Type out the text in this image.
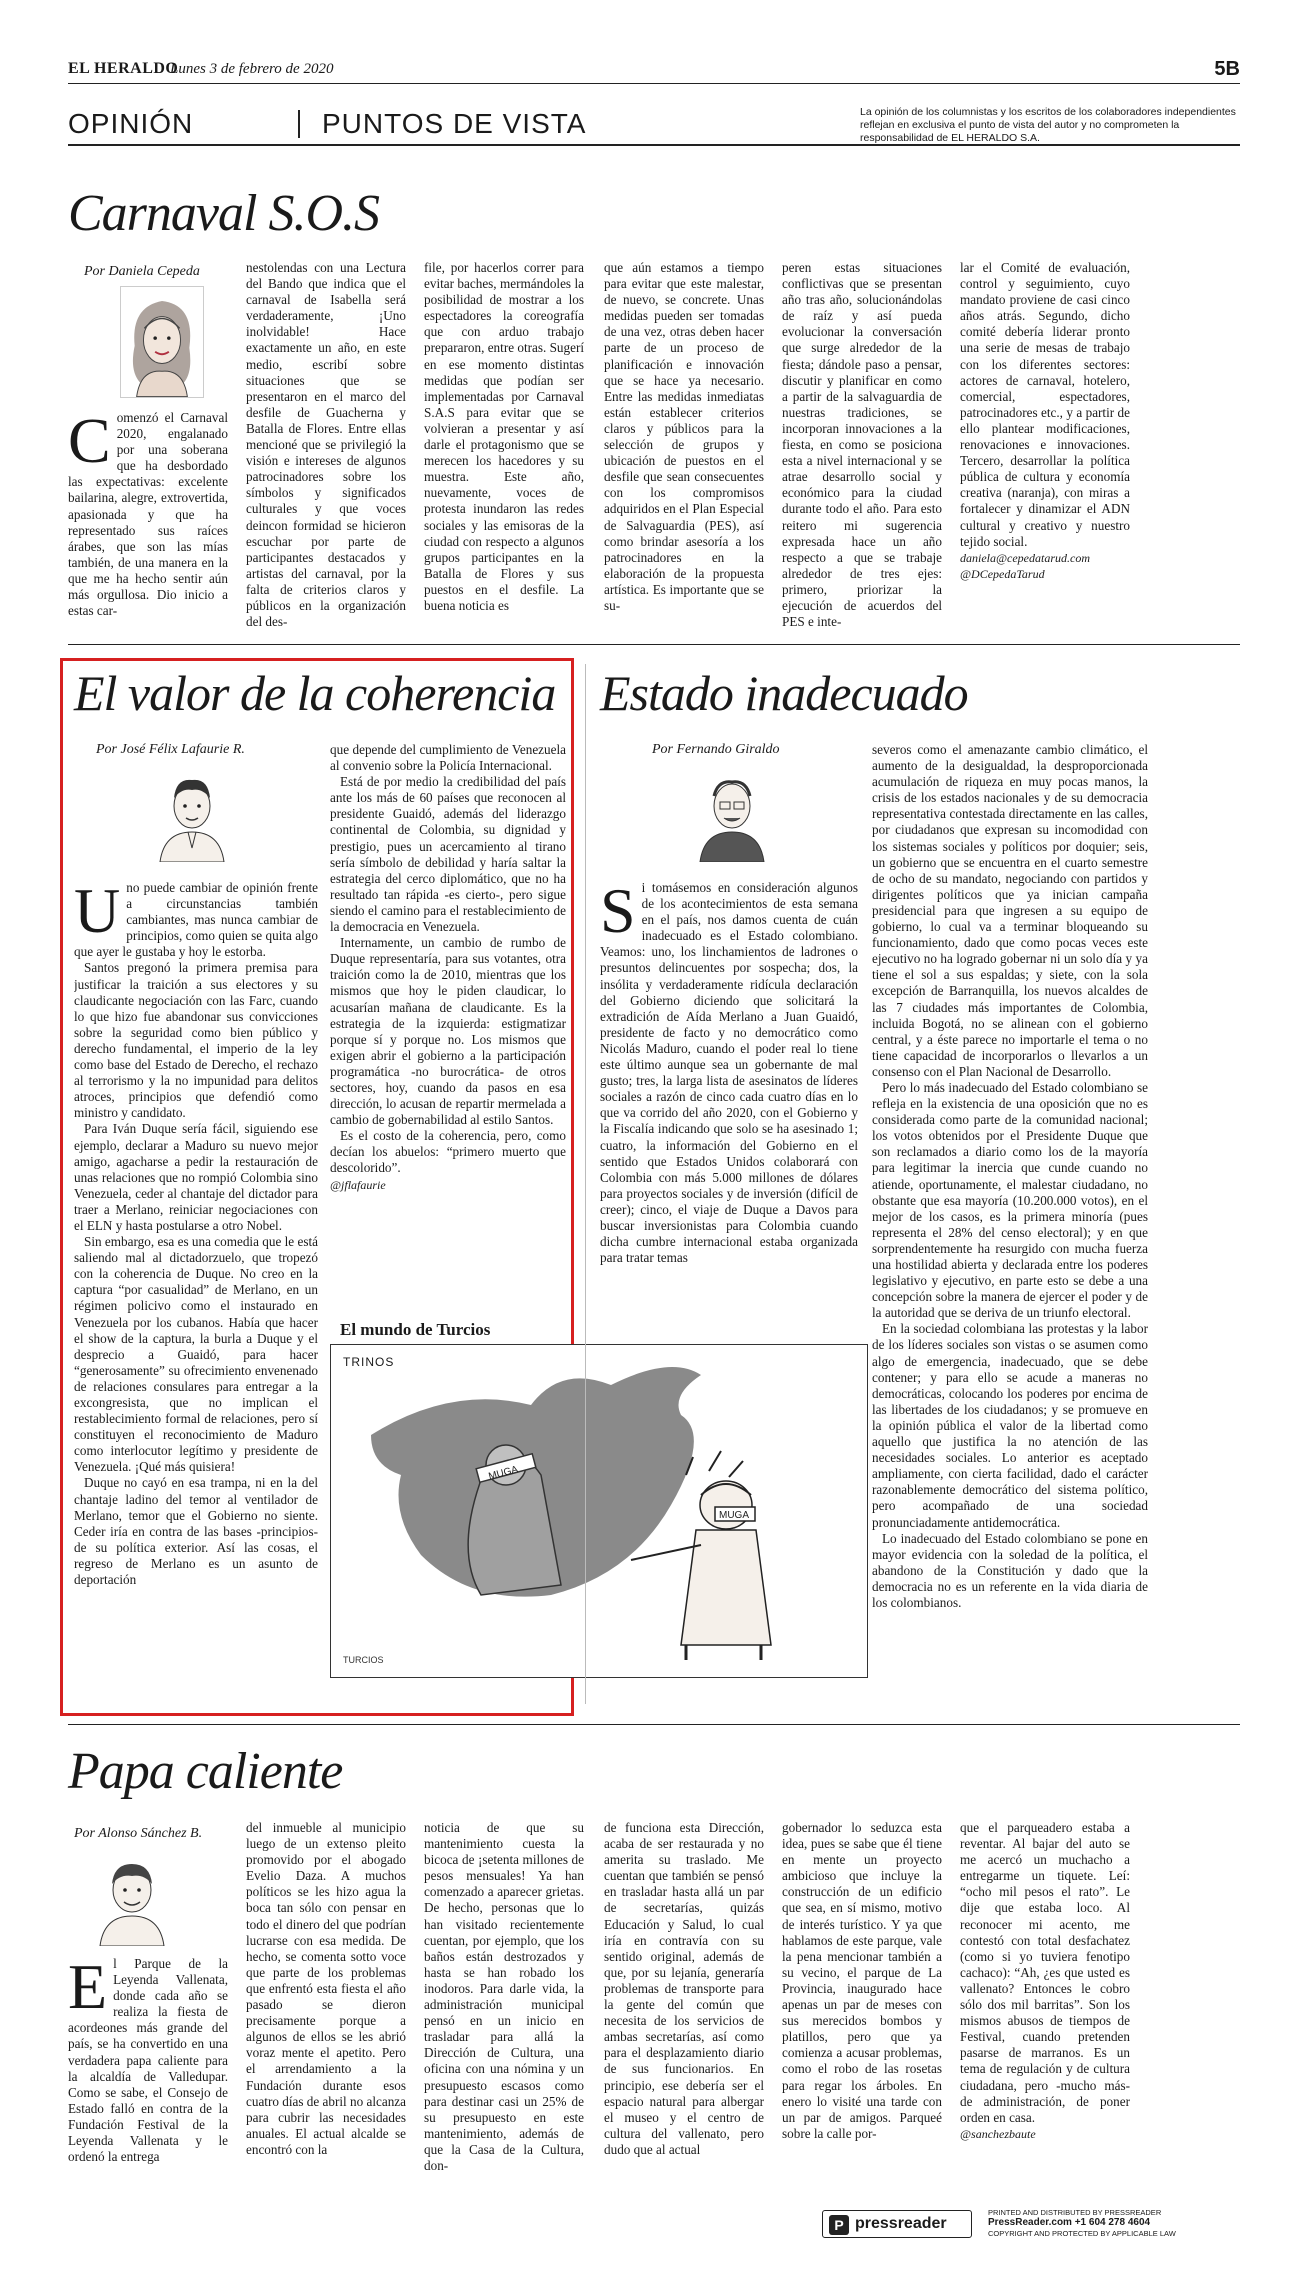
EL HERALDO
Lunes 3 de febrero de 2020	5B
OPINIÓN	PUNTOS DE VISTA	La opinión de los columnistas y los escritos de los colaboradores independientes reflejan en exclusiva el punto de vista del autor y no comprometen la responsabilidad de EL HERALDO S.A.
Carnaval S.O.S
Por Daniela Cepeda

Comenzó el Carnaval 2020, engalanado por una soberana que ha desbordado las expectativas: excelente bailarina, alegre, extrovertida, apasionada y que ha representado sus raíces árabes, que son las mías también, de una manera en la que me ha hecho sentir aún más orgullosa. Dio inicio a estas car-

nestolendas con una Lectura del Bando que indica que el carnaval de Isabella será verdaderamente, ¡Uno inolvidable! Hace exactamente un año, en este medio, escribí sobre situaciones que se presentaron en el marco del desfile de Guacherna y Batalla de Flores. Entre ellas mencioné que se privilegió la visión e intereses de algunos patrocinadores sobre los símbolos y significados culturales y que voces deincon formidad se hicieron escuchar por parte de participantes destacados y artistas del carnaval, por la falta de criterios claros y públicos en la organización del des-

file, por hacerlos correr para evitar baches, mermándoles la posibilidad de mostrar a los espectadores la coreografía que con arduo trabajo prepararon, entre otras. Sugerí en ese momento distintas medidas que podían ser implementadas por Carnaval S.A.S para evitar que se volvieran a presentar y así darle el protagonismo que se merecen los hacedores y su muestra. Este año, nuevamente, voces de protesta inundaron las redes sociales y las emisoras de la ciudad con respecto a algunos grupos participantes en la Batalla de Flores y sus puestos en el desfile. La buena noticia es

que aún estamos a tiempo para evitar que este malestar, de nuevo, se concrete. Unas medidas pueden ser tomadas de una vez, otras deben hacer parte de un proceso de planificación e innovación que se hace ya necesario. Entre las medidas inmediatas están establecer criterios claros y públicos para la selección de grupos y ubicación de puestos en el desfile que sean consecuentes con los compromisos adquiridos en el Plan Especial de Salvaguardia (PES), así como brindar asesoría a los patrocinadores en la elaboración de la propuesta artística. Es importante que se su-

peren estas situaciones conflictivas que se presentan año tras año, solucionándolas de raíz y así pueda evolucionar la conversación que surge alrededor de la fiesta; dándole paso a pensar, discutir y planificar en como a partir de la salvaguardia de nuestras tradiciones, se incorporan innovaciones a la fiesta, en como se posiciona esta a nivel internacional y se atrae desarrollo social y económico para la ciudad durante todo el año. Para esto reitero mi sugerencia expresada hace un año respecto a que se trabaje alrededor de tres ejes: primero, priorizar la ejecución de acuerdos del PES e inte-

lar el Comité de evaluación, control y seguimiento, cuyo mandato proviene de casi cinco años atrás. Segundo, dicho comité debería liderar pronto una serie de mesas de trabajo con los diferentes sectores: actores de carnaval, hotelero, comercial, espectadores, patrocinadores etc., y a partir de ello plantear modificaciones, renovaciones e innovaciones. Tercero, desarrollar la política pública de cultura y economía creativa (naranja), con miras a fortalecer y dinamizar el ADN cultural y creativo y nuestro tejido social.

daniela@cepedatarud.com

@DCepedaTarud

El valor de la coherencia
Por José Félix Lafaurie R.

Uno puede cambiar de opinión frente a circunstancias también cambiantes, mas nunca cambiar de principios, como quien se quita algo que ayer le gustaba y hoy le estorba.

Santos pregonó la primera premisa para justificar la traición a sus electores y su claudicante negociación con las Farc, cuando lo que hizo fue abandonar sus convicciones sobre la seguridad como bien público y derecho fundamental, el imperio de la ley como base del Estado de Derecho, el rechazo al terrorismo y la no impunidad para delitos atroces, principios que defendió como ministro y candidato.

Para Iván Duque sería fácil, siguiendo ese ejemplo, declarar a Maduro su nuevo mejor amigo, agacharse a pedir la restauración de unas relaciones que no rompió Colombia sino Venezuela, ceder al chantaje del dictador para traer a Merlano, reiniciar negociaciones con el ELN y hasta postularse a otro Nobel.

Sin embargo, esa es una comedia que le está saliendo mal al dictadorzuelo, que tropezó con la coherencia de Duque. No creo en la captura “por casualidad” de Merlano, en un régimen policivo como el instaurado en Venezuela por los cubanos. Había que hacer el show de la captura, la burla a Duque y el desprecio a Guaidó, para hacer “generosamente” su ofrecimiento envenenado de relaciones consulares para entregar a la excongresista, que no implican el restablecimiento formal de relaciones, pero sí constituyen el reconocimiento de Maduro como interlocutor legítimo y presidente de Venezuela. ¡Qué más quisiera!

Duque no cayó en esa trampa, ni en la del chantaje ladino del temor al ventilador de Merlano, temor que el Gobierno no siente. Ceder iría en contra de las bases -principios- de su política exterior. Así las cosas, el regreso de Merlano es un asunto de deportación

que depende del cumplimiento de Venezuela al convenio sobre la Policía Internacional.

Está de por medio la credibilidad del país ante los más de 60 países que reconocen al presidente Guaidó, además del liderazgo continental de Colombia, su dignidad y prestigio, pues un acercamiento al tirano sería símbolo de debilidad y haría saltar la estrategia del cerco diplomático, que no ha resultado tan rápida -es cierto-, pero sigue siendo el camino para el restablecimiento de la democracia en Venezuela.

Internamente, un cambio de rumbo de Duque representaría, para sus votantes, otra traición como la de 2010, mientras que los mismos que hoy le piden claudicar, lo acusarían mañana de claudicante. Es la estrategia de la izquierda: estigmatizar porque sí y porque no. Los mismos que exigen abrir el gobierno a la participación programática -no burocrática- de otros sectores, hoy, cuando da pasos en esa dirección, lo acusan de repartir mermelada a cambio de gobernabilidad al estilo Santos.

Es el costo de la coherencia, pero, como decían los abuelos: “primero muerto que descolorido”.

@jflafaurie

Estado inadecuado
Por Fernando Giraldo

Si tomásemos en consideración algunos de los acontecimientos de esta semana en el país, nos damos cuenta de cuán inadecuado es el Estado colombiano. Veamos: uno, los linchamientos de ladrones o presuntos delincuentes por sospecha; dos, la insólita y verdaderamente ridícula declaración del Gobierno diciendo que solicitará la extradición de Aída Merlano a Juan Guaidó, presidente de facto y no democrático como Nicolás Maduro, cuando el poder real lo tiene este último aunque sea un gobernante de mal gusto; tres, la larga lista de asesinatos de líderes sociales a razón de cinco cada cuatro días en lo que va corrido del año 2020, con el Gobierno y la Fiscalía indicando que solo se ha asesinado 1; cuatro, la información del Gobierno en el sentido que Estados Unidos colaborará con Colombia con más 5.000 millones de dólares para proyectos sociales y de inversión (difícil de creer); cinco, el viaje de Duque a Davos para buscar inversionistas para Colombia cuando dicha cumbre internacional estaba organizada para tratar temas

severos como el amenazante cambio climático, el aumento de la desigualdad, la desproporcionada acumulación de riqueza en muy pocas manos, la crisis de los estados nacionales y de su democracia representativa contestada directamente en las calles, por ciudadanos que expresan su incomodidad con los sistemas sociales y políticos por doquier; seis, un gobierno que se encuentra en el cuarto semestre de ocho de su mandato, negociando con partidos y dirigentes políticos que ya inician campaña presidencial para que ingresen a su equipo de gobierno, lo cual va a terminar bloqueando su funcionamiento, dado que como pocas veces este ejecutivo no ha logrado gobernar ni un solo día y ya tiene el sol a sus espaldas; y siete, con la sola excepción de Barranquilla, los nuevos alcaldes de las 7 ciudades más importantes de Colombia, incluida Bogotá, no se alinean con el gobierno central, y a éste parece no importarle el tema o no tiene capacidad de incorporarlos o llevarlos a un consenso con el Plan Nacional de Desarrollo.

Pero lo más inadecuado del Estado colombiano se refleja en la existencia de una oposición que no es considerada como parte de la comunidad nacional; los votos obtenidos por el Presidente Duque que son reclamados a diario como los de la mayoría para legitimar la inercia que cunde cuando no atiende, oportunamente, el malestar ciudadano, no obstante que esa mayoría (10.200.000 votos), en el mejor de los casos, es la primera minoría (pues representa el 28% del censo electoral); y en que sorprendentemente ha resurgido con mucha fuerza una hostilidad abierta y declarada entre los poderes legislativo y ejecutivo, en parte esto se debe a una concepción sobre la manera de ejercer el poder y de la autoridad que se deriva de un triunfo electoral.

En la sociedad colombiana las protestas y la labor de los líderes sociales son vistas o se asumen como algo de emergencia, inadecuado, que se debe contener; y para ello se acude a maneras no democráticas, colocando los poderes por encima de las libertades de los ciudadanos; y se promueve en la opinión pública el valor de la libertad como aquello que justifica la no atención de las necesidades sociales. Lo anterior es aceptado ampliamente, con cierta facilidad, dado el carácter razonablemente democrático del sistema político, pero acompañado de una sociedad pronunciadamente antidemocrática.

Lo inadecuado del Estado colombiano se pone en mayor evidencia con la soledad de la política, el abandono de la Constitución y dado que la democracia no es un referente en la vida diaria de los colombianos.

El mundo de Turcios
TRINOS
MUGA
MUGA
TURCIOS
Papa caliente
Por Alonso Sánchez B.

El Parque de la Leyenda Vallenata, donde cada año se realiza la fiesta de acordeones más grande del país, se ha convertido en una verdadera papa caliente para la alcaldía de Valledupar. Como se sabe, el Consejo de Estado falló en contra de la Fundación Festival de la Leyenda Vallenata y le ordenó la entrega

del inmueble al municipio luego de un extenso pleito promovido por el abogado Evelio Daza. A muchos políticos se les hizo agua la boca tan sólo con pensar en todo el dinero del que podrían lucrarse con esa medida. De hecho, se comenta sotto voce que parte de los problemas que enfrentó esta fiesta el año pasado se dieron precisamente porque a algunos de ellos se les abrió voraz mente el apetito. Pero el arrendamiento a la Fundación durante esos cuatro días de abril no alcanza para cubrir las necesidades anuales. El actual alcalde se encontró con la

noticia de que su mantenimiento cuesta la bicoca de ¡setenta millones de pesos mensuales! Ya han comenzado a aparecer grietas. De hecho, personas que lo han visitado recientemente cuentan, por ejemplo, que los baños están destrozados y hasta se han robado los inodoros. Para darle vida, la administración municipal pensó en un inicio en trasladar para allá la Dirección de Cultura, una oficina con una nómina y un presupuesto escasos como para destinar casi un 25% de su presupuesto en este mantenimiento, además de que la Casa de la Cultura, don-

de funciona esta Dirección, acaba de ser restaurada y no amerita su traslado. Me cuentan que también se pensó en trasladar hasta allá un par de secretarías, quizás Educación y Salud, lo cual iría en contravía con su sentido original, además de que, por su lejanía, generaría problemas de transporte para la gente del común que necesita de los servicios de ambas secretarías, así como para el desplazamiento diario de sus funcionarios. En principio, ese debería ser el espacio natural para albergar el museo y el centro de cultura del vallenato, pero dudo que al actual

gobernador lo seduzca esta idea, pues se sabe que él tiene en mente un proyecto ambicioso que incluye la construcción de un edificio que sea, en sí mismo, motivo de interés turístico. Y ya que hablamos de este parque, vale la pena mencionar también a su vecino, el parque de La Provincia, inaugurado hace apenas un par de meses con sus merecidos bombos y platillos, pero que ya comienza a acusar problemas, como el robo de las rosetas para regar los árboles. En enero lo visité una tarde con un par de amigos. Parqueé sobre la calle por-

que el parqueadero estaba a reventar. Al bajar del auto se me acercó un muchacho a entregarme un tiquete. Leí: “ocho mil pesos el rato”. Le dije que estaba loco. Al reconocer mi acento, me contestó con total desfachatez (como si yo tuviera fenotipo cachaco): “Ah, ¿es que usted es vallenato? Entonces le cobro sólo dos mil barritas”. Son los mismos abusos de tiempos de Festival, cuando pretenden pasarse de marranos. Es un tema de regulación y de cultura ciudadana, pero -mucho más- de administración, de poner orden en casa.

@sanchezbaute

P pressreader
PRINTED AND DISTRIBUTED BY PRESSREADER
PressReader.com +1 604 278 4604
COPYRIGHT AND PROTECTED BY APPLICABLE LAW
